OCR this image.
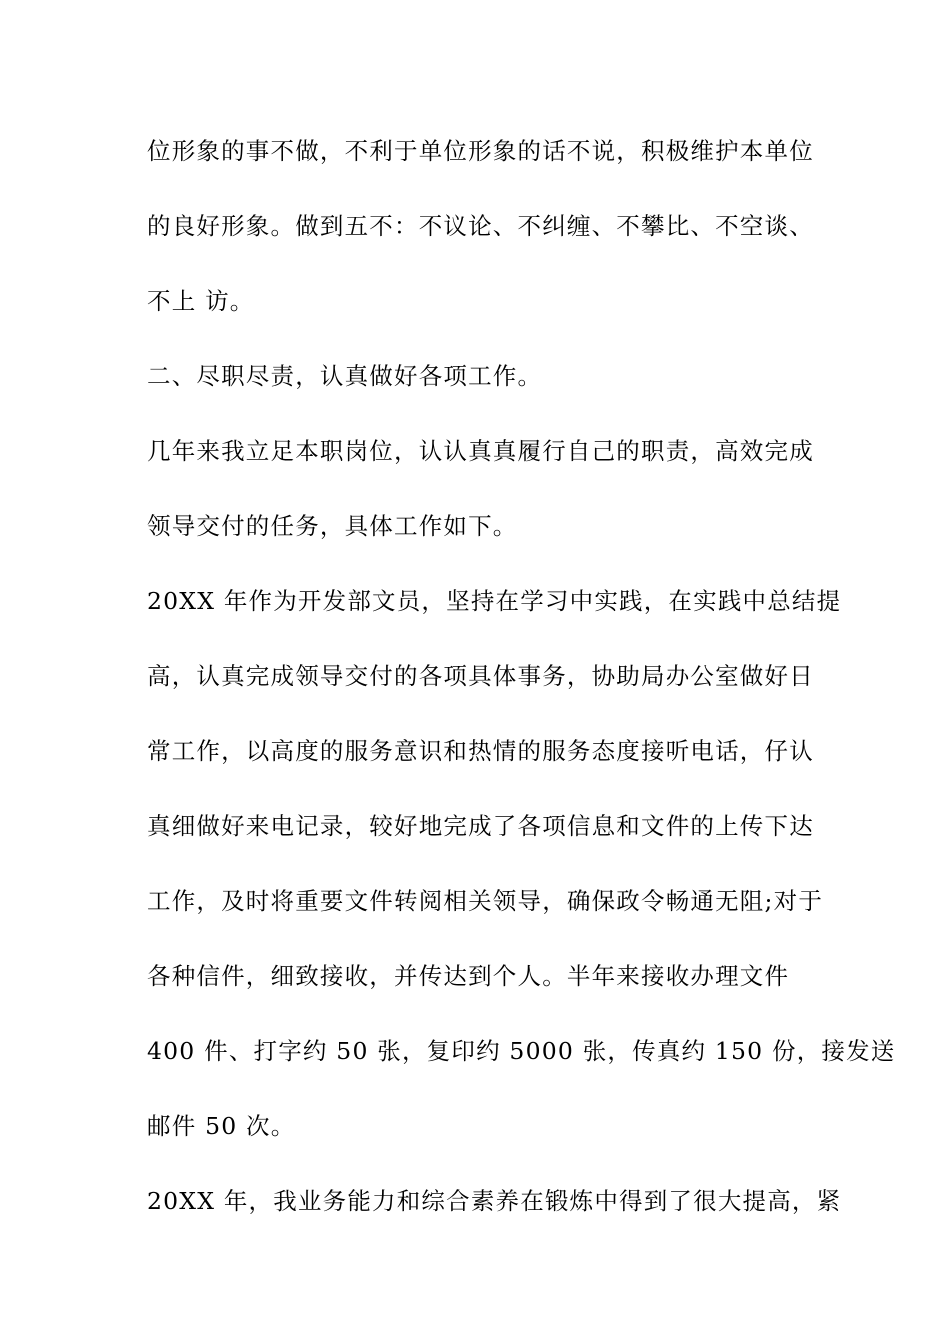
位形象的事不做，不利于单位形象的话不说，积极维护本单位
的良好形象。做到五不：不议论、不纠缠、不攀比、不空谈、
不上 访。
二、尽职尽责，认真做好各项工作。
几年来我立足本职岗位，认认真真履行自己的职责，高效完成
领导交付的任务，具体工作如下。
20XX 年作为开发部文员，坚持在学习中实践，在实践中总结提
高，认真完成领导交付的各项具体事务，协助局办公室做好日
常工作，以高度的服务意识和热情的服务态度接听电话，仔认
真细做好来电记录，较好地完成了各项信息和文件的上传下达
工作，及时将重要文件转阅相关领导，确保政令畅通无阻;对于
各种信件，细致接收，并传达到个人。半年来接收办理文件
400 件、打字约 50 张，复印约 5000 张，传真约 150 份，接发送
邮件 50 次。
20XX 年，我业务能力和综合素养在锻炼中得到了很大提高，紧
